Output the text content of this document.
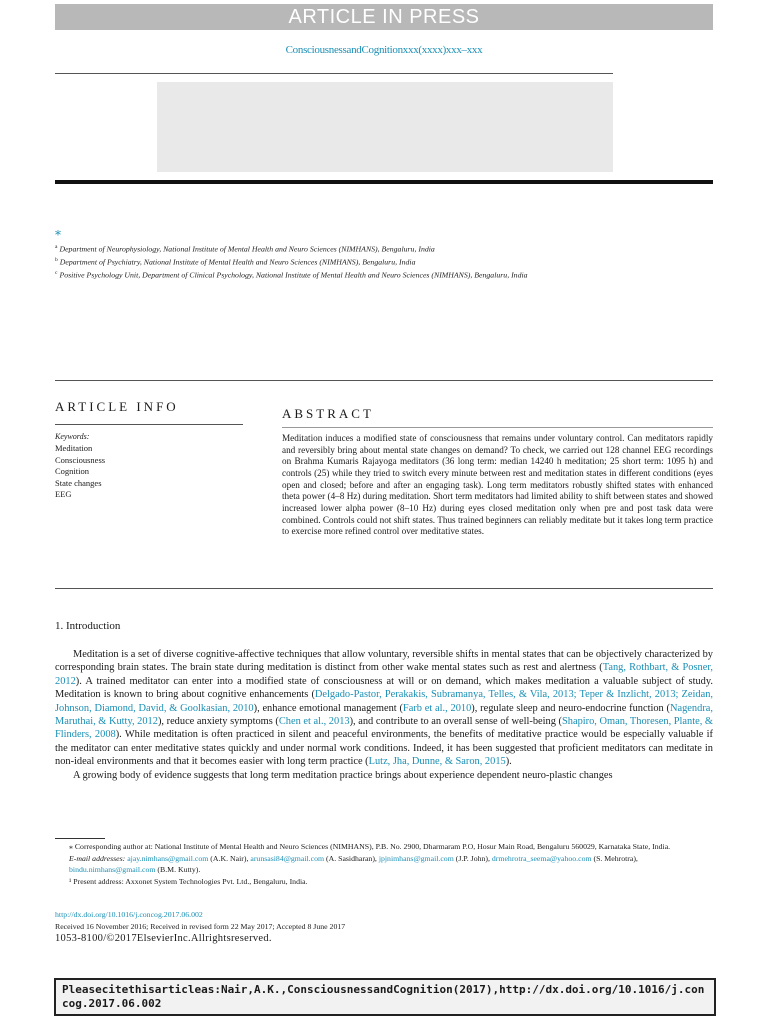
ARTICLE IN PRESS
ConsciousnessandCognitionxxx(xxxx)xxx–xxx
⁎
$^a$ Department of Neurophysiology, National Institute of Mental Health and Neuro Sciences (NIMHANS), Bengaluru, India
$^b$ Department of Psychiatry, National Institute of Mental Health and Neuro Sciences (NIMHANS), Bengaluru, India
$^c$ Positive Psychology Unit, Department of Clinical Psychology, National Institute of Mental Health and Neuro Sciences (NIMHANS), Bengaluru, India
ARTICLE INFO
Keywords:
Meditation
Consciousness
Cognition
State changes
EEG
ABSTRACT
Meditation induces a modified state of consciousness that remains under voluntary control. Can meditators rapidly and reversibly bring about mental state changes on demand? To check, we carried out 128 channel EEG recordings on Brahma Kumaris Rajayoga meditators (36 long term: median 14240 h meditation; 25 short term: 1095 h) and controls (25) while they tried to switch every minute between rest and meditation states in different conditions (eyes open and closed; before and after an engaging task). Long term meditators robustly shifted states with enhanced theta power (4–8 Hz) during meditation. Short term meditators had limited ability to shift between states and showed increased lower alpha power (8–10 Hz) during eyes closed meditation only when pre and post task data were combined. Controls could not shift states. Thus trained beginners can reliably meditate but it takes long term practice to exercise more refined control over meditative states.
1. Introduction

Meditation is a set of diverse cognitive-affective techniques that allow voluntary, reversible shifts in mental states that can be objectively characterized by corresponding brain states. The brain state during meditation is distinct from other wake mental states such as rest and alertness (Tang, Rothbart, & Posner, 2012). A trained meditator can enter into a modified state of consciousness at will or on demand, which makes meditation a valuable subject of study. Meditation is known to bring about cognitive enhancements (Delgado-Pastor, Perakakis, Subramanya, Telles, & Vila, 2013; Teper & Inzlicht, 2013; Zeidan, Johnson, Diamond, David, & Goolkasian, 2010), enhance emotional management (Farb et al., 2010), regulate sleep and neuro-endocrine function (Nagendra, Maruthai, & Kutty, 2012), reduce anxiety symptoms (Chen et al., 2013), and contribute to an overall sense of well-being (Shapiro, Oman, Thoresen, Plante, & Flinders, 2008). While meditation is often practiced in silent and peaceful environments, the benefits of meditative practice would be especially valuable if the meditator can enter meditative states quickly and under normal work conditions. Indeed, it has been suggested that proficient meditators can meditate in non-ideal environments and that it becomes easier with long term practice (Lutz, Jha, Dunne, & Saron, 2015).

A growing body of evidence suggests that long term meditation practice brings about experience dependent neuro-plastic changes

⁎ Corresponding author at: National Institute of Mental Health and Neuro Sciences (NIMHANS), P.B. No. 2900, Dharmaram P.O, Hosur Main Road, Bengaluru 560029, Karnataka State, India.

E-mail addresses: ajay.nimhans@gmail.com (A.K. Nair), arunsasi84@gmail.com (A. Sasidharan), jpjnimhans@gmail.com (J.P. John), drmehrotra_seema@yahoo.com (S. Mehrotra), bindu.nimhans@gmail.com (B.M. Kutty).

¹ Present address: Axxonet System Technologies Pvt. Ltd., Bengaluru, India.

http://dx.doi.org/10.1016/j.concog.2017.06.002
Received 16 November 2016; Received in revised form 22 May 2017; Accepted 8 June 2017
1053-8100/©2017ElsevierInc.Allrightsreserved.
Pleasecitethisarticleas:Nair,A.K.,ConsciousnessandCognition(2017),http://dx.doi.org/10.1016/j.concog.2017.06.002
